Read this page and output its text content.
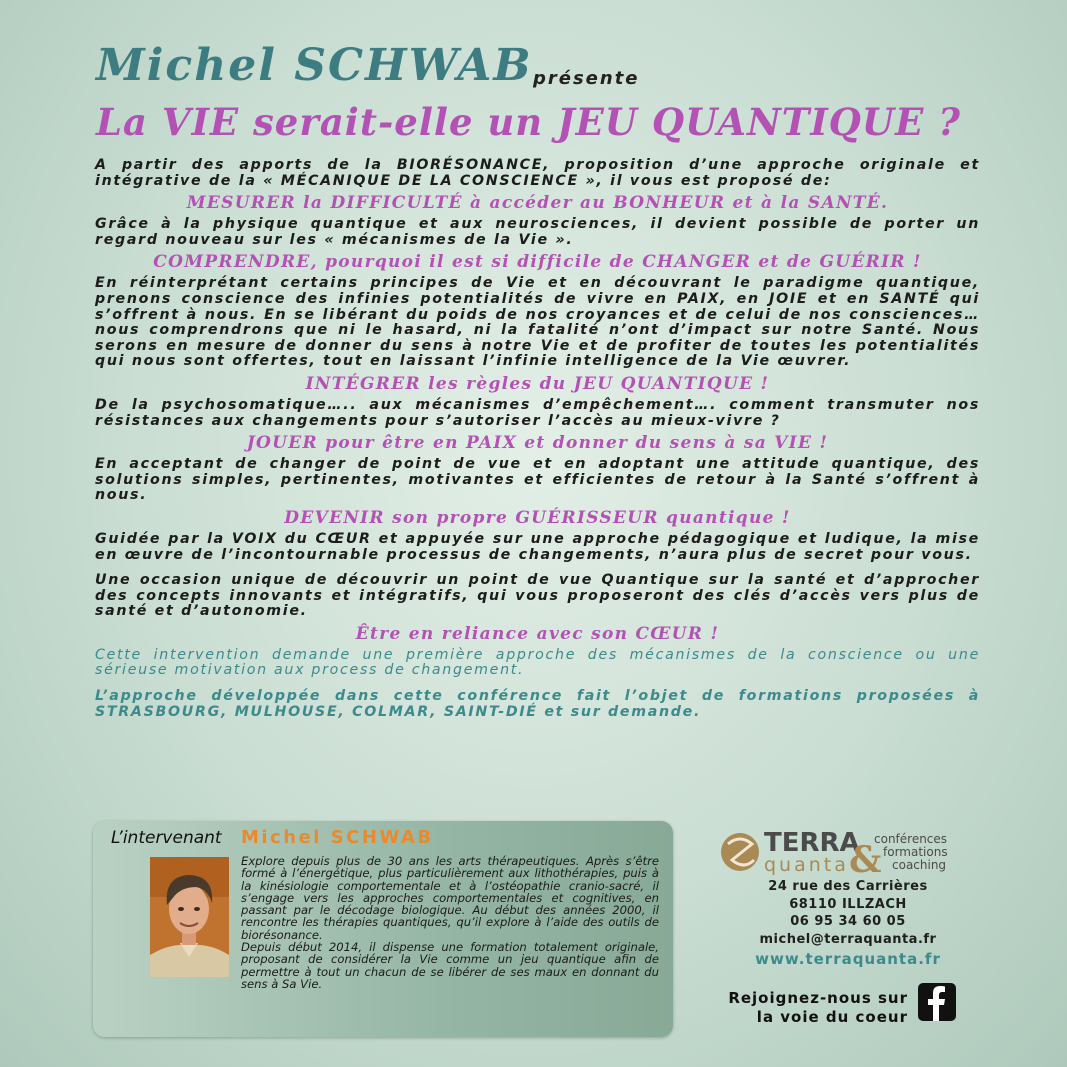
Michel SCHWAB présente
La VIE serait-elle un JEU QUANTIQUE ?

A partir des apports de la BIORÉSONANCE, proposition d’une approche originale et intégrative de la « MÉCANIQUE DE LA CONSCIENCE », il vous est proposé de:

MESURER la DIFFICULTÉ à accéder au BONHEUR et à la SANTÉ.

Grâce à la physique quantique et aux neurosciences, il devient possible de porter un regard nouveau sur les « mécanismes de la Vie ».

COMPRENDRE, pourquoi il est si difficile de CHANGER et de GUÉRIR !

En réinterprétant certains principes de Vie et en découvrant le paradigme quantique, prenons conscience des infinies potentialités de vivre en PAIX, en JOIE et en SANTÉ qui s’offrent à nous. En se libérant du poids de nos croyances et de celui de nos consciences… nous comprendrons que ni le hasard, ni la fatalité n’ont d’impact sur notre Santé. Nous serons en mesure de donner du sens à notre Vie et de profiter de toutes les potentialités qui nous sont offertes, tout en laissant l’infinie intelligence de la Vie œuvrer.

INTÉGRER les règles du JEU QUANTIQUE !

De la psychosomatique….. aux mécanismes d’empêchement…. comment transmuter nos résistances aux changements pour s’autoriser l’accès au mieux-vivre ?

JOUER pour être en PAIX et donner du sens à sa VIE !

En acceptant de changer de point de vue et en adoptant une attitude quantique, des solutions simples, pertinentes, motivantes et efficientes de retour à la Santé s’offrent à nous.

DEVENIR son propre GUÉRISSEUR quantique !

Guidée par la VOIX du CŒUR et appuyée sur une approche pédagogique et ludique, la mise en œuvre de l’incontournable processus de changements, n’aura plus de secret pour vous.

Une occasion unique de découvrir un point de vue Quantique sur la santé et d’approcher des concepts innovants et intégratifs, qui vous proposeront des clés d’accès vers plus de santé et d’autonomie.

Être en reliance avec son CŒUR !

Cette intervention demande une première approche des mécanismes de la conscience ou une sérieuse motivation aux process de changement.

L’approche développée dans cette conférence fait l’objet de formations proposées à STRASBOURG, MULHOUSE, COLMAR, SAINT-DIÉ et sur demande.

L’intervenant Michel SCHWAB

Explore depuis plus de 30 ans les arts thérapeutiques. Après s’être formé à l’énergétique, plus particulièrement aux lithothérapies, puis à la kinésiologie comportementale et à l’ostéopathie cranio-sacré, il s’engage vers les approches comportementales et cognitives, en passant par le décodage biologique. Au début des années 2000, il rencontre les thérapies quantiques, qu’il explore à l’aide des outils de biorésonance.

Depuis début 2014, il dispense une formation totalement originale, proposant de considérer la Vie comme un jeu quantique afin de permettre à tout un chacun de se libérer de ses maux en donnant du sens à Sa Vie.

TERRA
quanta &
conférences
formations
coaching
24 rue des Carrières
68110 ILLZACH
06 95 34 60 05
michel@terraquanta.fr
www.terraquanta.fr
Rejoignez-nous sur
la voie du coeur
